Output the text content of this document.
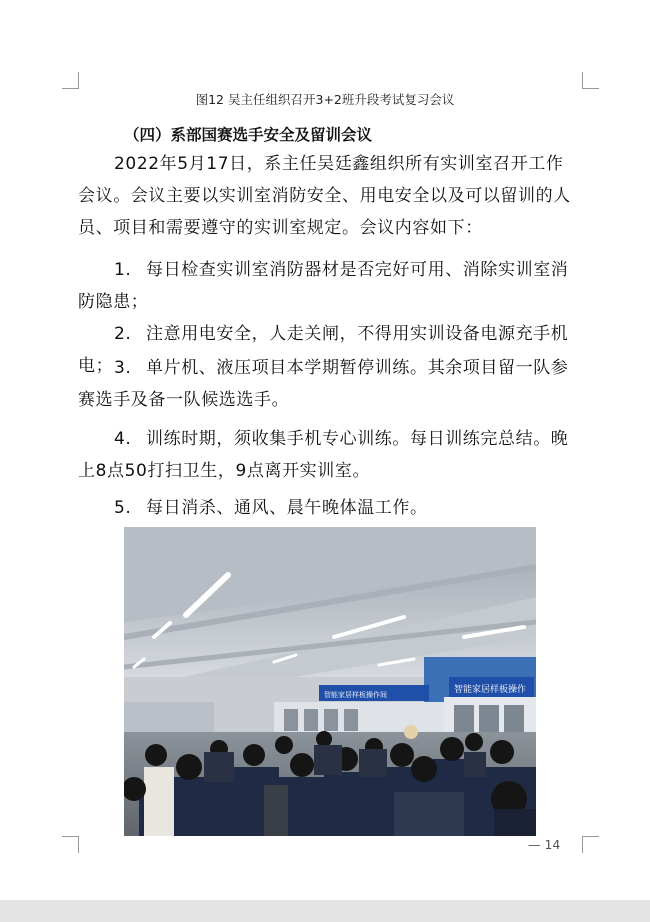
图12 吴主任组织召开3+2班升段考试复习会议
（四）系部国赛选手安全及留训会议
2022年5月17日，系主任吴廷鑫组织所有实训室召开工作会议。会议主要以实训室消防安全、用电安全以及可以留训的人员、项目和需要遵守的实训室规定。会议内容如下：
1. 每日检查实训室消防器材是否完好可用、消除实训室消防隐患；
2. 注意用电安全，人走关闸，不得用实训设备电源充手机电； 3. 单片机、液压项目本学期暂停训练。其余项目留一队参赛选手及备一队候选选手。
4. 训练时期，须收集手机专心训练。每日训练完总结。晚上8点50打扫卫生，9点离开实训室。
5. 每日消杀、通风、晨午晚体温工作。
智能家居样板操作
智能家居样板操作间
— 14
